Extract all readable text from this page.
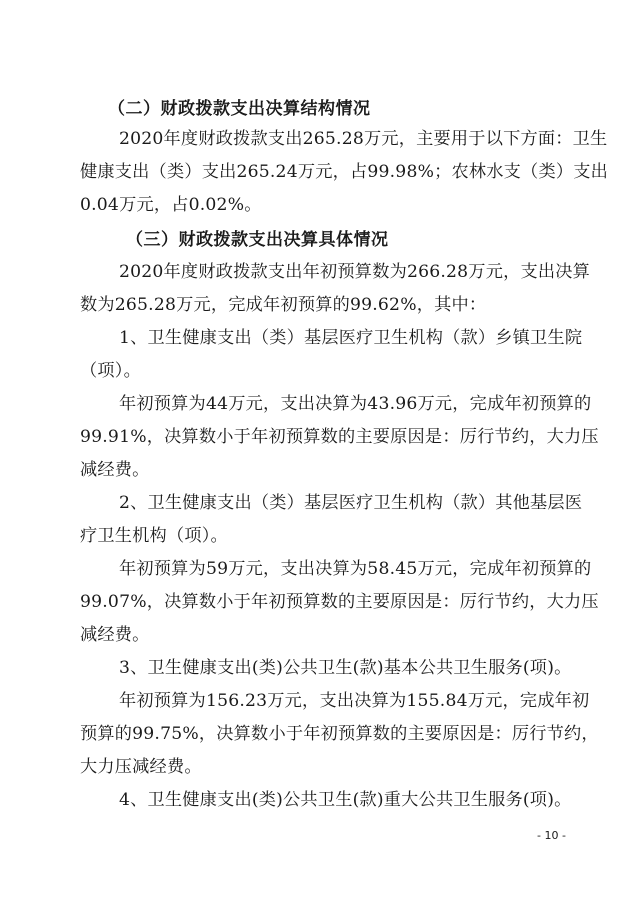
（二）财政拨款支出决算结构情况
2020年度财政拨款支出265.28万元，主要用于以下方面：卫生
健康支出（类）支出265.24万元，占99.98%；农林水支（类）支出
0.04万元，占0.02%。
（三）财政拨款支出决算具体情况
2020年度财政拨款支出年初预算数为266.28万元，支出决算
数为265.28万元，完成年初预算的99.62%，其中：
1、卫生健康支出（类）基层医疗卫生机构（款）乡镇卫生院
（项）。
年初预算为44万元，支出决算为43.96万元，完成年初预算的
99.91%，决算数小于年初预算数的主要原因是：厉行节约，大力压
减经费。
2、卫生健康支出（类）基层医疗卫生机构（款）其他基层医
疗卫生机构（项）。
年初预算为59万元，支出决算为58.45万元，完成年初预算的
99.07%，决算数小于年初预算数的主要原因是：厉行节约，大力压
减经费。
3、卫生健康支出(类)公共卫生(款)基本公共卫生服务(项)。
年初预算为156.23万元，支出决算为155.84万元，完成年初
预算的99.75%，决算数小于年初预算数的主要原因是：厉行节约，
大力压减经费。
4、卫生健康支出(类)公共卫生(款)重大公共卫生服务(项)。
- 10 -
